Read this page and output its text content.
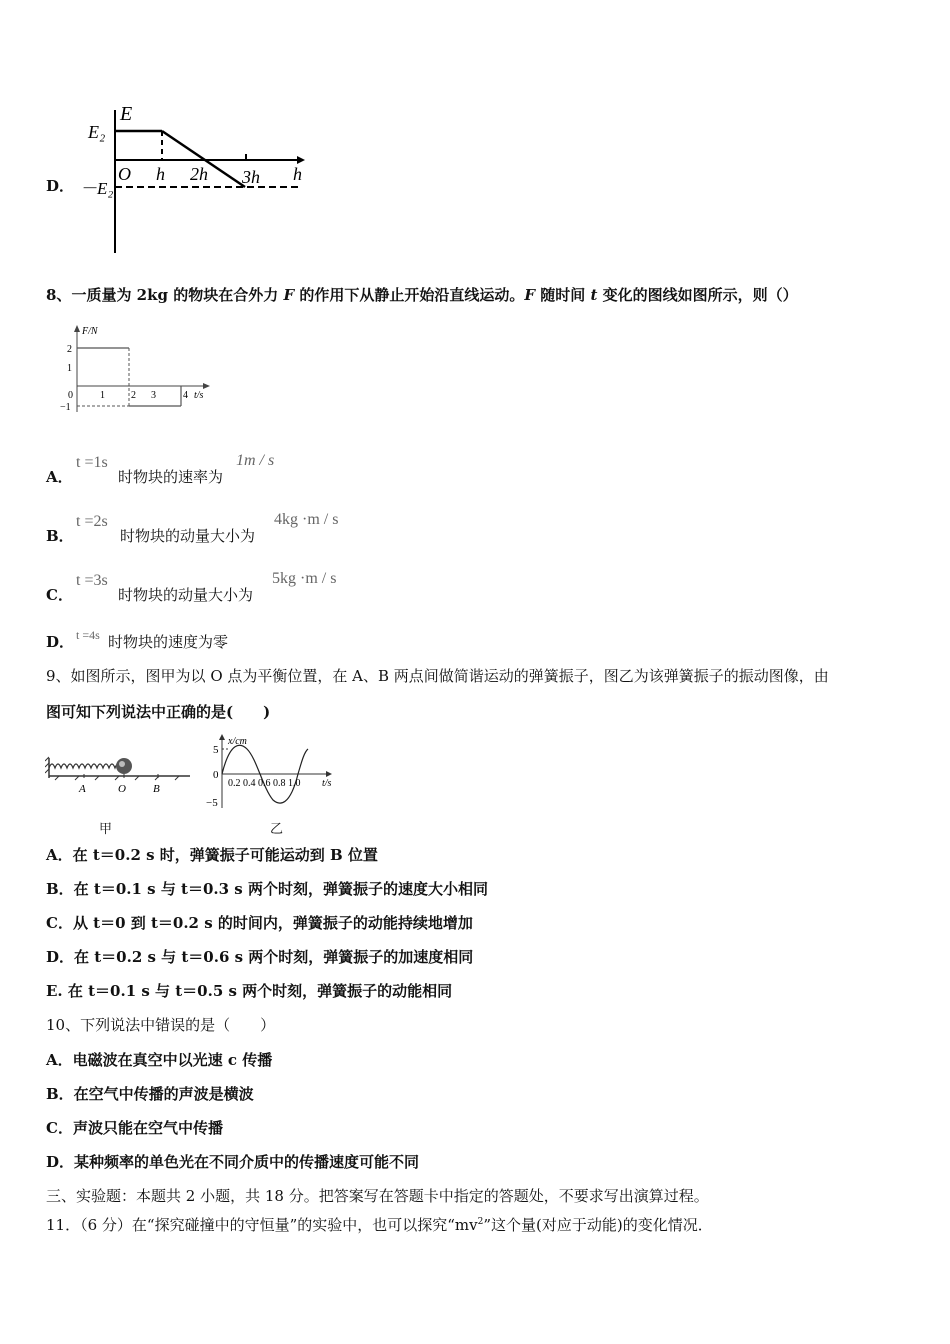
D．
E
E₂
－E₂
O h 2h 3h h
8、一质量为 2kg 的物块在合外力 F 的作用下从静止开始沿直线运动。F 随时间 t 变化的图线如图所示，则（）
F/N
2
1
0
−1
1	2 3	4 t/s
A．
t =1s
时物块的速率为
1m / s
B．
t =2s
时物块的动量大小为
4kg ·m / s
C．
t =3s
时物块的动量大小为
5kg ·m / s
D． t =4s 时物块的速度为零
9、如图所示，图甲为以 O 点为平衡位置，在 A、B 两点间做简谐运动的弹簧振子，图乙为该弹簧振子的振动图像，由
图可知下列说法中正确的是(　　)
A	O B
甲
x/cm
5
0
−5
0.2 0.4 0.6 0.8 1.0 t/s
乙
A．在 t＝0.2 s 时，弹簧振子可能运动到 B 位置
B．在 t＝0.1 s 与 t＝0.3 s 两个时刻，弹簧振子的速度大小相同
C．从 t＝0 到 t＝0.2 s 的时间内，弹簧振子的动能持续地增加
D．在 t＝0.2 s 与 t＝0.6 s 两个时刻，弹簧振子的加速度相同
E. 在 t＝0.1 s 与 t＝0.5 s 两个时刻，弹簧振子的动能相同
10、下列说法中错误的是（　　）
A．电磁波在真空中以光速 c 传播
B．在空气中传播的声波是横波
C．声波只能在空气中传播
D．某种频率的单色光在不同介质中的传播速度可能不同
三、实验题：本题共 2 小题，共 18 分。把答案写在答题卡中指定的答题处，不要求写出演算过程。
11．（6 分）在“探究碰撞中的守恒量”的实验中，也可以探究“$mv^2$”这个量(对应于动能)的变化情况．
